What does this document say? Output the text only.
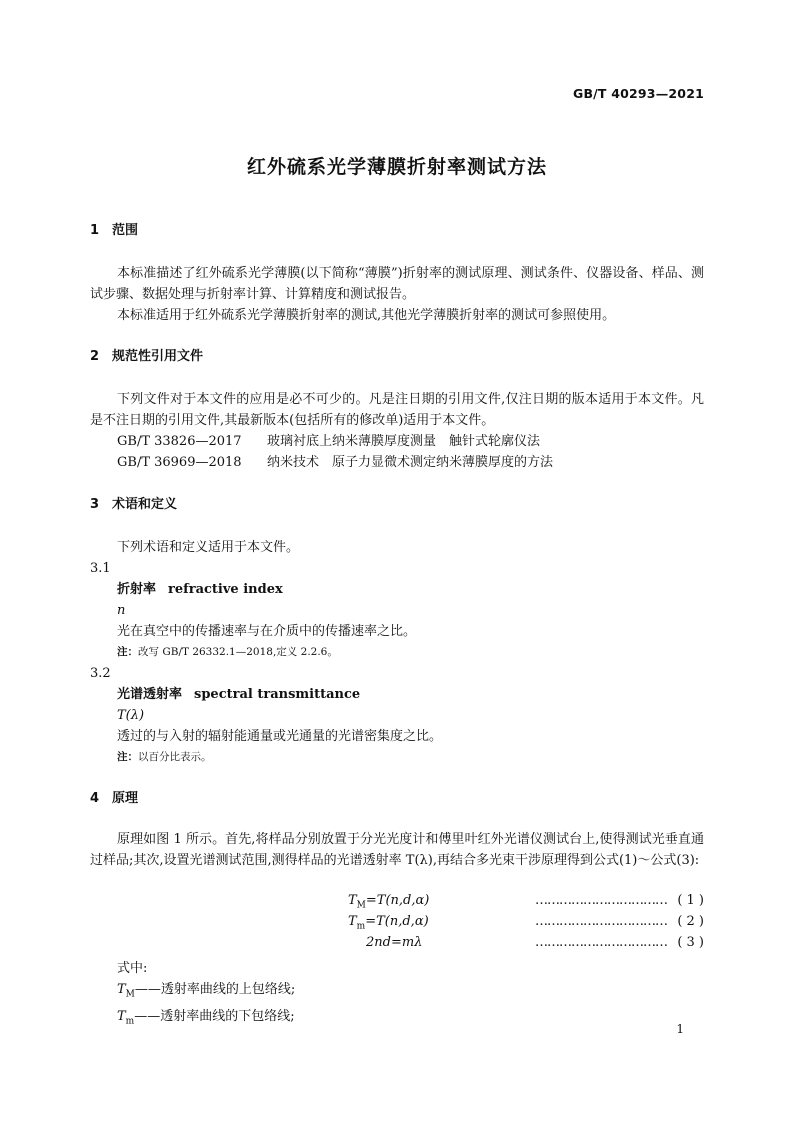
GB/T 40293—2021
红外硫系光学薄膜折射率测试方法
1 范围

本标准描述了红外硫系光学薄膜(以下简称“薄膜”)折射率的测试原理、测试条件、仪器设备、样品、测试步骤、数据处理与折射率计算、计算精度和测试报告。

本标准适用于红外硫系光学薄膜折射率的测试,其他光学薄膜折射率的测试可参照使用。

2 规范性引用文件

下列文件对于本文件的应用是必不可少的。凡是注日期的引用文件,仅注日期的版本适用于本文件。凡是不注日期的引用文件,其最新版本(包括所有的修改单)适用于本文件。

GB/T 33826—2017 玻璃衬底上纳米薄膜厚度测量　触针式轮廓仪法
GB/T 36969—2018 纳米技术　原子力显微术测定纳米薄膜厚度的方法
3 术语和定义

下列术语和定义适用于本文件。

3.1
折射率 refractive index
n
光在真空中的传播速率与在介质中的传播速率之比。
注：改写 GB/T 26332.1—2018,定义 2.2.6。
3.2
光谱透射率 spectral transmittance
T(λ)
透过的与入射的辐射能通量或光通量的光谱密集度之比。
注：以百分比表示。
4 原理

原理如图 1 所示。首先,将样品分别放置于分光光度计和傅里叶红外光谱仪测试台上,使得测试光垂直通过样品;其次,设置光谱测试范围,测得样品的光谱透射率 T(λ),再结合多光束干涉原理得到公式(1)～公式(3):

$T_M=T(n,d,\alpha)$	…………………………… ( 1 )
$T_m=T(n,d,\alpha)$	…………………………… ( 2 )
2nd=mλ	…………………………… ( 3 )
式中:
$T_M——$透射率曲线的上包络线;
$T_m——$透射率曲线的下包络线;
1
